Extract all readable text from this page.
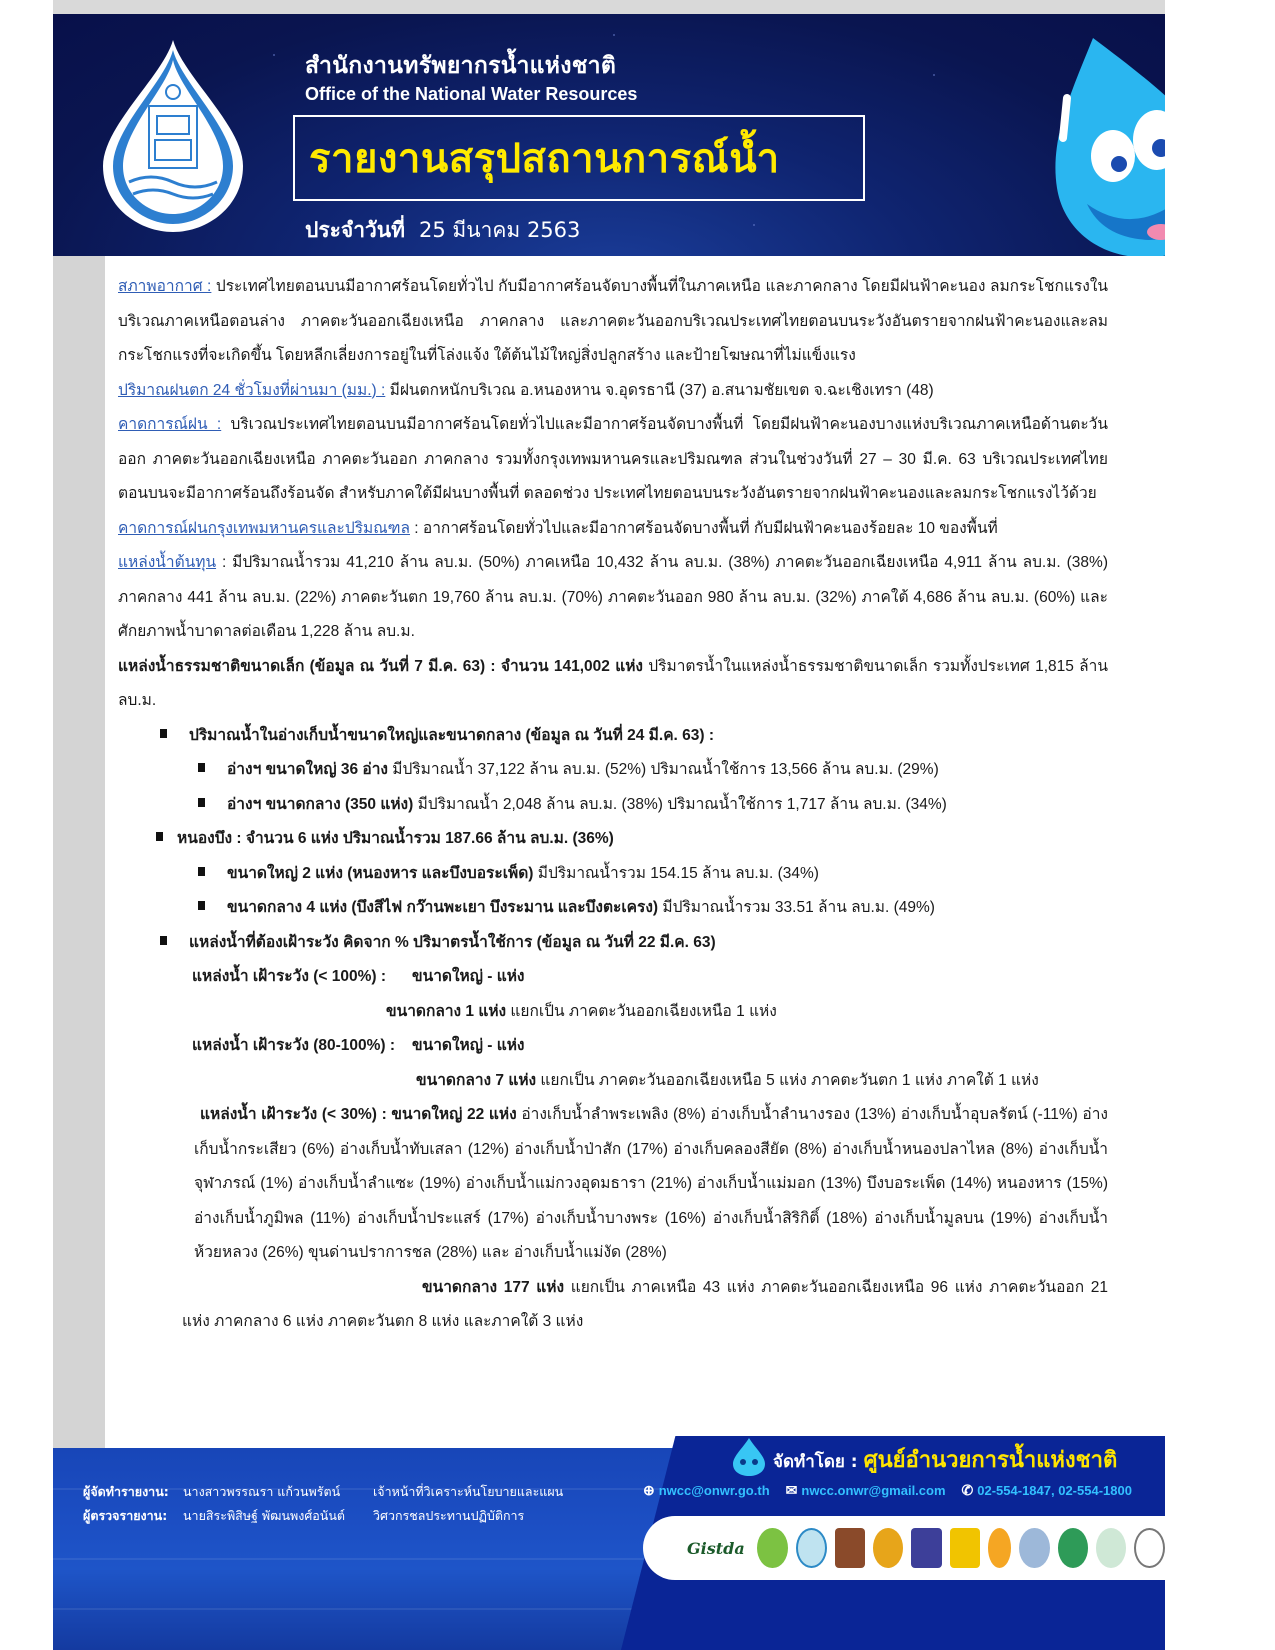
สำนักงานทรัพยากรน้ำแห่งชาติ
Office of the National Water Resources
รายงานสรุปสถานการณ์น้ำ
ประจำวันที่ 25 มีนาคม 2563

สภาพอากาศ : ประเทศไทยตอนบนมีอากาศร้อนโดยทั่วไป กับมีอากาศร้อนจัดบางพื้นที่ในภาคเหนือ และภาคกลาง โดยมีฝนฟ้าคะนอง ลมกระโชกแรงในบริเวณภาคเหนือตอนล่าง ภาคตะวันออกเฉียงเหนือ ภาคกลาง และภาคตะวันออกบริเวณประเทศไทยตอนบนระวังอันตรายจากฝนฟ้าคะนองและลมกระโชกแรงที่จะเกิดขึ้น โดยหลีกเลี่ยงการอยู่ในที่โล่งแจ้ง ใต้ต้นไม้ใหญ่สิ่งปลูกสร้าง และป้ายโฆษณาที่ไม่แข็งแรง

ปริมาณฝนตก 24 ชั่วโมงที่ผ่านมา (มม.) : มีฝนตกหนักบริเวณ อ.หนองหาน จ.อุดรธานี (37) อ.สนามชัยเขต จ.ฉะเชิงเทรา (48)

คาดการณ์ฝน : บริเวณประเทศไทยตอนบนมีอากาศร้อนโดยทั่วไปและมีอากาศร้อนจัดบางพื้นที่ โดยมีฝนฟ้าคะนองบางแห่งบริเวณภาคเหนือด้านตะวันออก ภาคตะวันออกเฉียงเหนือ ภาคตะวันออก ภาคกลาง รวมทั้งกรุงเทพมหานครและปริมณฑล ส่วนในช่วงวันที่ 27 – 30 มี.ค. 63 บริเวณประเทศไทยตอนบนจะมีอากาศร้อนถึงร้อนจัด สำหรับภาคใต้มีฝนบางพื้นที่ ตลอดช่วง ประเทศไทยตอนบนระวังอันตรายจากฝนฟ้าคะนองและลมกระโชกแรงไว้ด้วย

คาดการณ์ฝนกรุงเทพมหานครและปริมณฑล : อากาศร้อนโดยทั่วไปและมีอากาศร้อนจัดบางพื้นที่ กับมีฝนฟ้าคะนองร้อยละ 10 ของพื้นที่

แหล่งน้ำต้นทุน : มีปริมาณน้ำรวม 41,210 ล้าน ลบ.ม. (50%) ภาคเหนือ 10,432 ล้าน ลบ.ม. (38%) ภาคตะวันออกเฉียงเหนือ 4,911 ล้าน ลบ.ม. (38%) ภาคกลาง 441 ล้าน ลบ.ม. (22%) ภาคตะวันตก 19,760 ล้าน ลบ.ม. (70%) ภาคตะวันออก 980 ล้าน ลบ.ม. (32%) ภาคใต้ 4,686 ล้าน ลบ.ม. (60%) และศักยภาพน้ำบาดาลต่อเดือน 1,228 ล้าน ลบ.ม.

แหล่งน้ำธรรมชาติขนาดเล็ก (ข้อมูล ณ วันที่ 7 มี.ค. 63) : จำนวน 141,002 แห่ง ปริมาตรน้ำในแหล่งน้ำธรรมชาติขนาดเล็ก รวมทั้งประเทศ 1,815 ล้าน ลบ.ม.

ปริมาณน้ำในอ่างเก็บน้ำขนาดใหญ่และขนาดกลาง (ข้อมูล ณ วันที่ 24 มี.ค. 63) :
อ่างฯ ขนาดใหญ่ 36 อ่าง มีปริมาณน้ำ 37,122 ล้าน ลบ.ม. (52%) ปริมาณน้ำใช้การ 13,566 ล้าน ลบ.ม. (29%)
อ่างฯ ขนาดกลาง (350 แห่ง) มีปริมาณน้ำ 2,048 ล้าน ลบ.ม. (38%) ปริมาณน้ำใช้การ 1,717 ล้าน ลบ.ม. (34%)
หนองบึง : จำนวน 6 แห่ง ปริมาณน้ำรวม 187.66 ล้าน ลบ.ม. (36%)
ขนาดใหญ่ 2 แห่ง (หนองหาร และบึงบอระเพ็ด) มีปริมาณน้ำรวม 154.15 ล้าน ลบ.ม. (34%)
ขนาดกลาง 4 แห่ง (บึงสีไฟ กว๊านพะเยา บึงระมาน และบึงตะเครง) มีปริมาณน้ำรวม 33.51 ล้าน ลบ.ม. (49%)
แหล่งน้ำที่ต้องเฝ้าระวัง คิดจาก % ปริมาตรน้ำใช้การ (ข้อมูล ณ วันที่ 22 มี.ค. 63)
แหล่งน้ำ เฝ้าระวัง (< 100%) :	ขนาดใหญ่ - แห่ง
ขนาดกลาง 1 แห่ง แยกเป็น ภาคตะวันออกเฉียงเหนือ 1 แห่ง
แหล่งน้ำ เฝ้าระวัง (80-100%) :	ขนาดใหญ่ - แห่ง
ขนาดกลาง 7 แห่ง แยกเป็น ภาคตะวันออกเฉียงเหนือ 5 แห่ง ภาคตะวันตก 1 แห่ง ภาคใต้ 1 แห่ง

แหล่งน้ำ เฝ้าระวัง (< 30%) : ขนาดใหญ่ 22 แห่ง อ่างเก็บน้ำลำพระเพลิง (8%) อ่างเก็บน้ำลำนางรอง (13%) อ่างเก็บน้ำอุบลรัตน์ (-11%) อ่างเก็บน้ำกระเสียว (6%) อ่างเก็บน้ำทับเสลา (12%) อ่างเก็บน้ำป่าสัก (17%) อ่างเก็บคลองสียัด (8%) อ่างเก็บน้ำหนองปลาไหล (8%) อ่างเก็บน้ำจุฬาภรณ์ (1%) อ่างเก็บน้ำลำแซะ (19%) อ่างเก็บน้ำแม่กวงอุดมธารา (21%) อ่างเก็บน้ำแม่มอก (13%) บึงบอระเพ็ด (14%) หนองหาร (15%) อ่างเก็บน้ำภูมิพล (11%) อ่างเก็บน้ำประแสร์ (17%) อ่างเก็บน้ำบางพระ (16%) อ่างเก็บน้ำสิริกิติ์ (18%) อ่างเก็บน้ำมูลบน (19%) อ่างเก็บน้ำห้วยหลวง (26%) ขุนด่านปราการชล (28%) และ อ่างเก็บน้ำแม่งัด (28%)

ขนาดกลาง 177 แห่ง แยกเป็น ภาคเหนือ 43 แห่ง ภาคตะวันออกเฉียงเหนือ 96 แห่ง ภาคตะวันออก 21 แห่ง ภาคกลาง 6 แห่ง ภาคตะวันตก 8 แห่ง และภาคใต้ 3 แห่ง

ผู้จัดทำรายงาน:	นางสาวพรรณรา แก้วนพรัตน์	เจ้าหน้าที่วิเคราะห์นโยบายและแผน
ผู้ตรวจรายงาน:	นายสิระพิสิษฐ์ พัฒนพงศ์อนันต์	วิศวกรชลประทานปฏิบัติการ
จัดทำโดย : ศูนย์อำนวยการน้ำแห่งชาติ
⊕ nwcc@onwr.go.th ✉ nwcc.onwr@gmail.com ✆ 02-554-1847, 02-554-1800
Gistda
